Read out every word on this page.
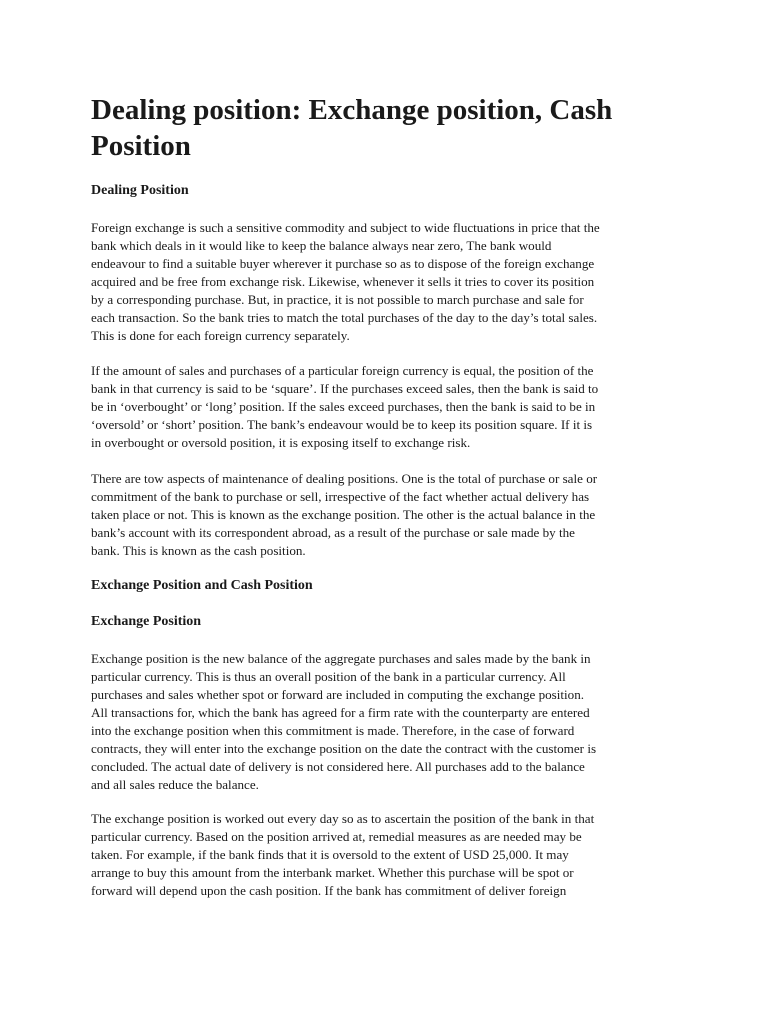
Dealing position: Exchange position, Cash
Position
Dealing Position

Foreign exchange is such a sensitive commodity and subject to wide fluctuations in price that the
bank which deals in it would like to keep the balance always near zero, The bank would
endeavour to find a suitable buyer wherever it purchase so as to dispose of the foreign exchange
acquired and be free from exchange risk. Likewise, whenever it sells it tries to cover its position
by a corresponding purchase. But, in practice, it is not possible to march purchase and sale for
each transaction. So the bank tries to match the total purchases of the day to the day’s total sales.
This is done for each foreign currency separately.

If the amount of sales and purchases of a particular foreign currency is equal, the position of the
bank in that currency is said to be ‘square’. If the purchases exceed sales, then the bank is said to
be in ‘overbought’ or ‘long’ position. If the sales exceed purchases, then the bank is said to be in
‘oversold’ or ‘short’ position. The bank’s endeavour would be to keep its position square. If it is
in overbought or oversold position, it is exposing itself to exchange risk.

There are tow aspects of maintenance of dealing positions. One is the total of purchase or sale or
commitment of the bank to purchase or sell, irrespective of the fact whether actual delivery has
taken place or not. This is known as the exchange position. The other is the actual balance in the
bank’s account with its correspondent abroad, as a result of the purchase or sale made by the
bank. This is known as the cash position.

Exchange Position and Cash Position
Exchange Position

Exchange position is the new balance of the aggregate purchases and sales made by the bank in
particular currency. This is thus an overall position of the bank in a particular currency. All
purchases and sales whether spot or forward are included in computing the exchange position.
All transactions for, which the bank has agreed for a firm rate with the counterparty are entered
into the exchange position when this commitment is made. Therefore, in the case of forward
contracts, they will enter into the exchange position on the date the contract with the customer is
concluded. The actual date of delivery is not considered here. All purchases add to the balance
and all sales reduce the balance.

The exchange position is worked out every day so as to ascertain the position of the bank in that
particular currency. Based on the position arrived at, remedial measures as are needed may be
taken. For example, if the bank finds that it is oversold to the extent of USD 25,000. It may
arrange to buy this amount from the interbank market. Whether this purchase will be spot or
forward will depend upon the cash position. If the bank has commitment of deliver foreign
